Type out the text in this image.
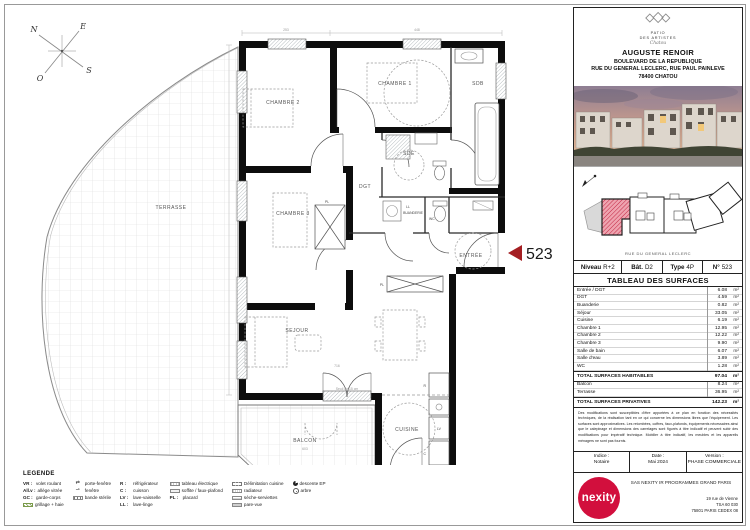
N	E
S
O
TERRASSE
BALCON
CHAMBRE 2
CHAMBRE 1	SDB
SDE
DGT
CHAMBRE 3
LL
BUANDERIE
WC
ENTRÉE
SEJOUR
CUISINE
PL
PL
R
LV
C
Seuil de 15 cm
253	448
716
603
523
LEGENDE
VR : volet roulant
All.v : allège vitrée
GC : garde-corps
grillage + haie
⇄	porte-fenêtre
⇀	fenêtre
bande stérile
R :	réfrigérateur
C :	cuisson
LV :	lave-vaisselle
LL :	lave-linge
tableau électrique
soffite / faux-plafond
PL : placard
Délimitation cuisine
radiateur
sèche-serviettes
pare-vue
descente EP
arbre
PATIO
DES ARTISTES
Chatou
AUGUSTE RENOIR
BOULEVARD DE LA REPUBLIQUE
RUE DU GENERAL LECLERC, RUE PAUL PAINLEVE
78400 CHATOU
RUE DU GENERAL LECLERC
Niveau R+2	Bât. D2	Type 4P	N° 523
TABLEAU DES SURFACES
Entrée / DGT	6.08	m²
DGT	4.59	m²
Buanderie	0.82	m²
Séjour	33.05	m²
Cuisine	6.19	m²
Chambre 1	12.95	m²
Chambre 2	12.22	m²
Chambre 3	9.90	m²
Salle de bain	6.07	m²
Salle d'eau	3.89	m²
WC	1.28	m²
TOTAL SURFACES HABITABLES	97.04	m²
Balcon	8.24	m²
Terrasse	36.95	m²
TOTAL SURFACES PRIVATIVES	142.23	m²
Des modifications sont susceptibles d'être apportées à ce plan en fonction des nécessités techniques, de la réalisation tant en ce qui concerne les dimensions libres que l'équipement. Les surfaces sont approximatives. Les retombées, coffres, faux-plafonds, équipements nécessaires ainsi que le calepinage et dimensions des carrelages sont figurés à titre indicatif et peuvent subir des modifications pour impératif technique. Mobilier à titre indicatif, les meubles et les appareils ménagers ne sont pas fournis.
Indice :
Notaire
Date :
Mai 2024
Version :
PHASE COMMERCIALE
nexity
SAS NEXITY IR PROGRAMMES GRAND PARIS
19 rue de Vienne
TSA 60 030
75801 PARIS CEDEX 08
